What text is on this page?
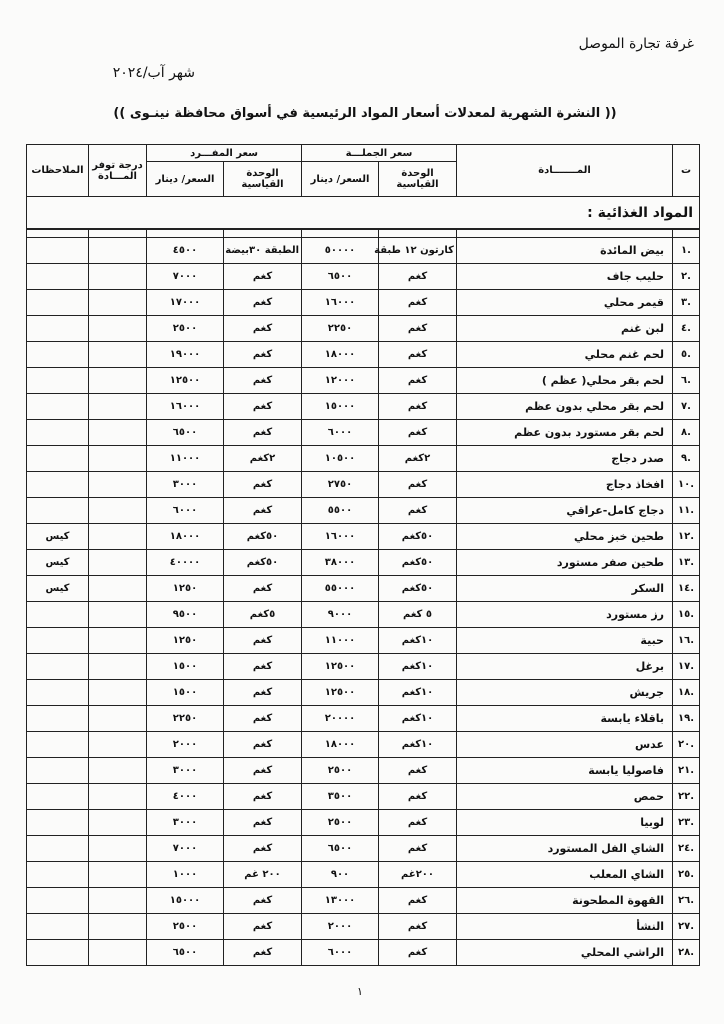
غرفة تجارة الموصل
شهر آب/٢٠٢٤
(( النشرة الشهرية لمعدلات أسعار المواد الرئيسية في أسواق محافظة نينـوى ))
ت	المـــــــادة	سعر الجملـــة		سعر المفـــرد		درجة توفر المـــادة	الملاحظات
		الوحدة القياسية	السعر/ دينار	الوحدة القياسية	السعر/ دينار		
المواد الغذائية :							

.١	بيض المائدة	كارتون ١٢ طبقة	٥٠٠٠٠	الطبقة ٣٠بيضة	٤٥٠٠		
.٢	حليب جاف	كغم	٦٥٠٠	كغم	٧٠٠٠		
.٣	قيمر محلي	كغم	١٦٠٠٠	كغم	١٧٠٠٠		
.٤	لبن غنم	كغم	٢٢٥٠	كغم	٢٥٠٠		
.٥	لحم غنم محلي	كغم	١٨٠٠٠	كغم	١٩٠٠٠		
.٦	لحم بقر محلي( عظم )	كغم	١٢٠٠٠	كغم	١٢٥٠٠		
.٧	لحم بقر محلي بدون عظم	كغم	١٥٠٠٠	كغم	١٦٠٠٠		
.٨	لحم بقر مستورد بدون عظم	كغم	٦٠٠٠	كغم	٦٥٠٠		
.٩	صدر دجاج	٢كغم	١٠٥٠٠	٢كغم	١١٠٠٠		
.١٠	افخاذ دجاج	كغم	٢٧٥٠	كغم	٣٠٠٠		
.١١	دجاج كامل-عراقي	كغم	٥٥٠٠	كغم	٦٠٠٠		
.١٢	طحين خبز محلي	٥٠كغم	١٦٠٠٠	٥٠كغم	١٨٠٠٠		كيس
.١٣	طحين صفر مستورد	٥٠كغم	٣٨٠٠٠	٥٠كغم	٤٠٠٠٠		كيس
.١٤	السكر	٥٠كغم	٥٥٠٠٠	كغم	١٢٥٠		كيس
.١٥	رز مستورد	٥ كغم	٩٠٠٠	٥كغم	٩٥٠٠		
.١٦	حبية	١٠كغم	١١٠٠٠	كغم	١٢٥٠		
.١٧	برغل	١٠كغم	١٢٥٠٠	كغم	١٥٠٠		
.١٨	جريش	١٠كغم	١٢٥٠٠	كغم	١٥٠٠		
.١٩	باقلاء يابسة	١٠كغم	٢٠٠٠٠	كغم	٢٢٥٠		
.٢٠	عدس	١٠كغم	١٨٠٠٠	كغم	٢٠٠٠		
.٢١	فاصوليا يابسة	كغم	٢٥٠٠	كغم	٣٠٠٠		
.٢٢	حمص	كغم	٣٥٠٠	كغم	٤٠٠٠		
.٢٣	لوبيا	كغم	٢٥٠٠	كغم	٣٠٠٠		
.٢٤	الشاي الفل المستورد	كغم	٦٥٠٠	كغم	٧٠٠٠		
.٢٥	الشاي المعلب	٢٠٠غم	٩٠٠	٢٠٠ غم	١٠٠٠		
.٢٦	القهوة المطحونة	كغم	١٣٠٠٠	كغم	١٥٠٠٠		
.٢٧	النشأ	كغم	٢٠٠٠	كغم	٢٥٠٠		
.٢٨	الراشي المحلي	كغم	٦٠٠٠	كغم	٦٥٠٠		
١
